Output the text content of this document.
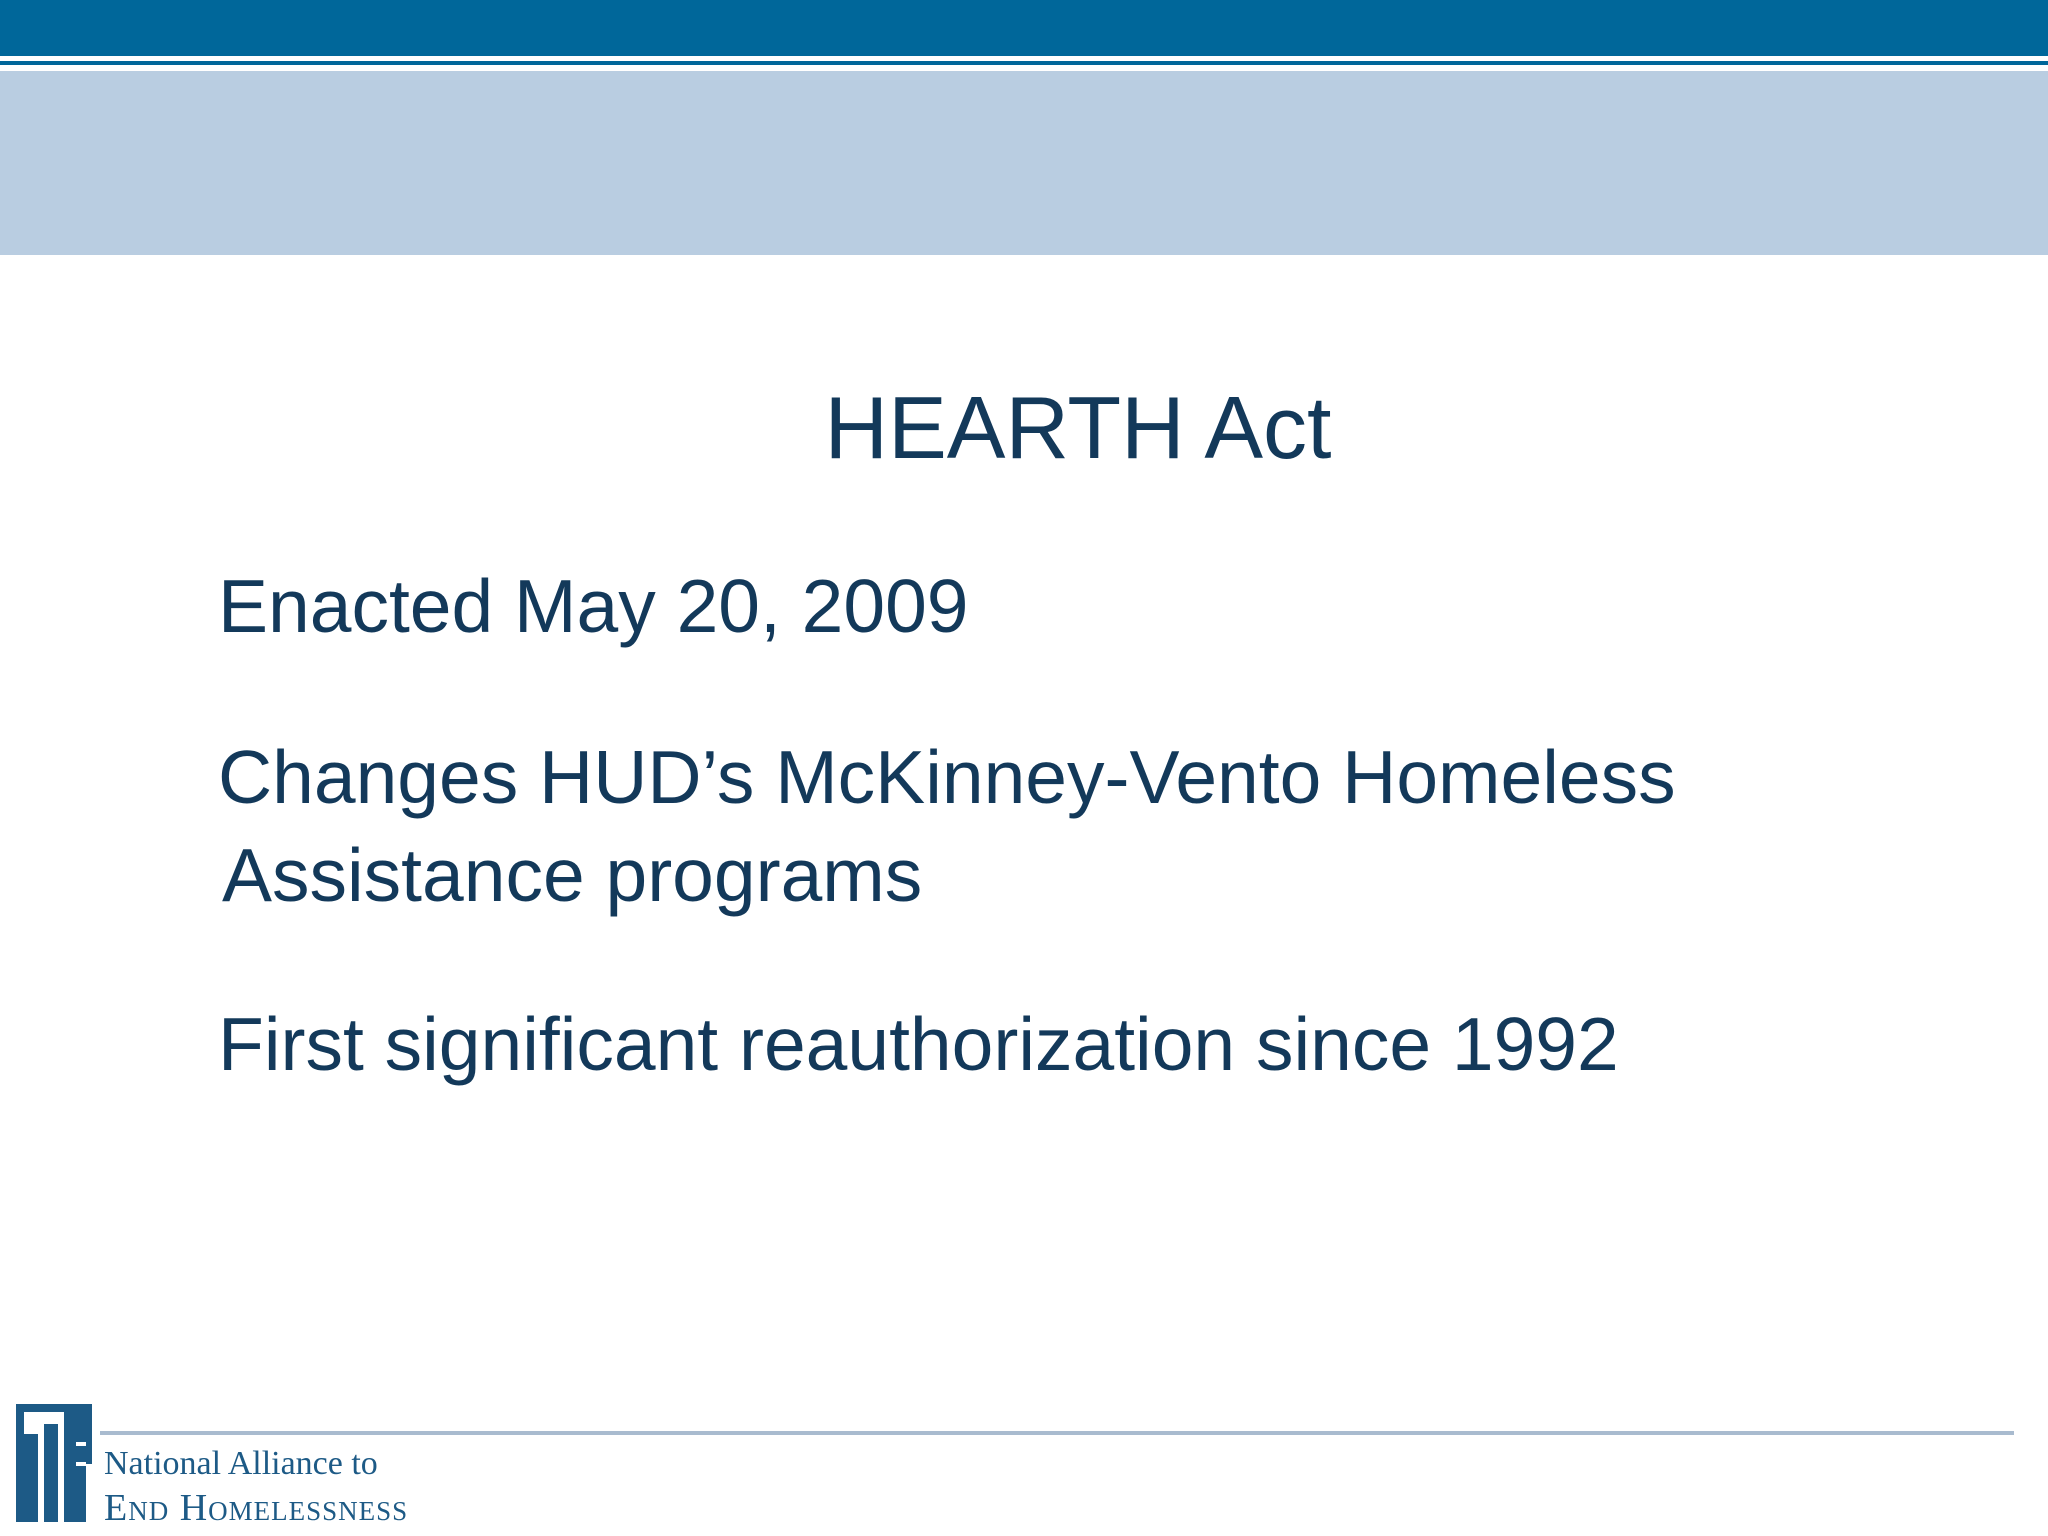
HEARTH Act

Enacted May 20, 2009

Changes HUD’s McKinney-Vento Homeless
Assistance programs

First significant reauthorization since 1992

National Alliance to
End Homelessness
